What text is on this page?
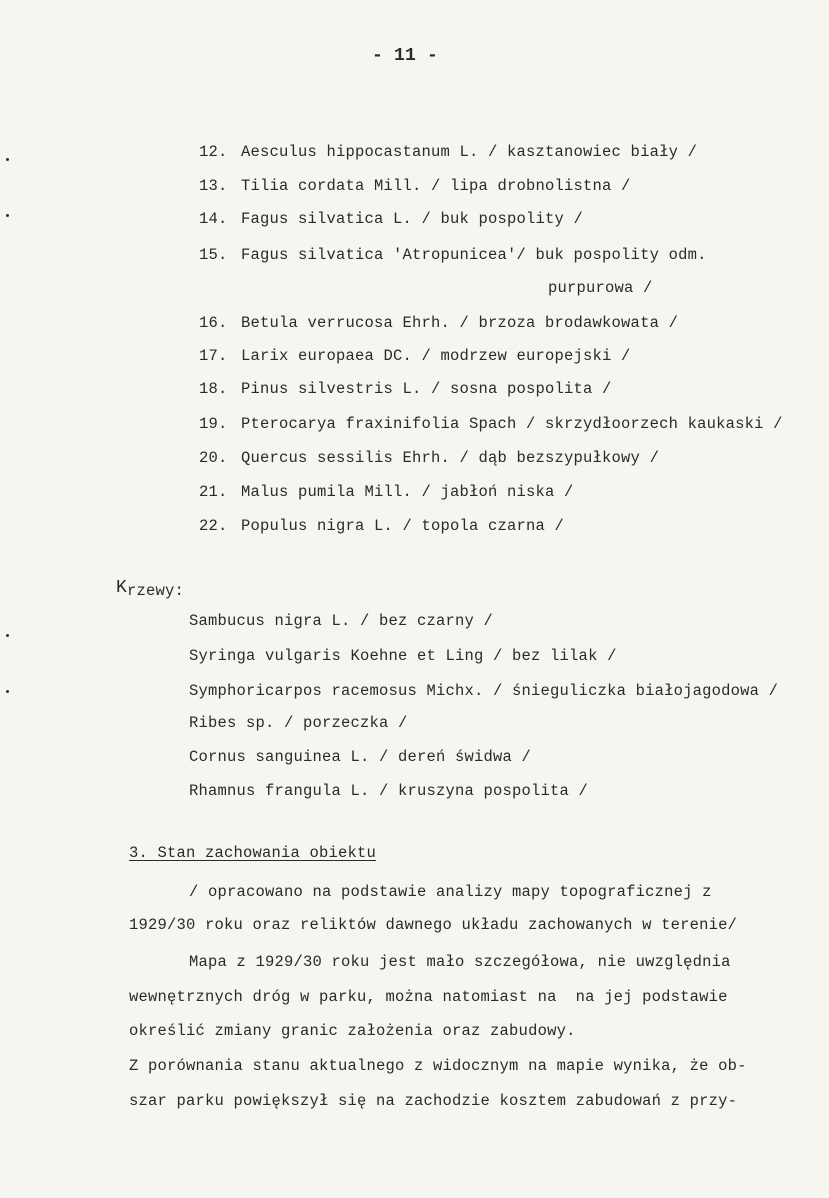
- 11 -
12. Aesculus hippocastanum L. / kasztanowiec biały /
13. Tilia cordata Mill. / lipa drobnolistna /
14. Fagus silvatica L. / buk pospolity /
15. Fagus silvatica 'Atropunicea'/ buk pospolity odm.
purpurowa /
16. Betula verrucosa Ehrh. / brzoza brodawkowata /
17. Larix europaea DC. / modrzew europejski /
18. Pinus silvestris L. / sosna pospolita /
19. Pterocarya fraxinifolia Spach / skrzydłoorzech kaukaski /
20. Quercus sessilis Ehrh. / dąb bezszypułkowy /
21. Malus pumila Mill. / jabłoń niska /
22. Populus nigra L. / topola czarna /
Krzewy:
Sambucus nigra L. / bez czarny /
Syringa vulgaris Koehne et Ling / bez lilak /
Symphoricarpos racemosus Michx. / śnieguliczka białojagodowa /
Ribes sp. / porzeczka /
Cornus sanguinea L. / dereń świdwa /
Rhamnus frangula L. / kruszyna pospolita /
3. Stan zachowania obiektu
/ opracowano na podstawie analizy mapy topograficznej z
1929/30 roku oraz reliktów dawnego układu zachowanych w terenie/
Mapa z 1929/30 roku jest mało szczegółowa, nie uwzględnia
wewnętrznych dróg w parku, można natomiast na  na jej podstawie
określić zmiany granic założenia oraz zabudowy.
Z porównania stanu aktualnego z widocznym na mapie wynika, że ob-
szar parku powiększył się na zachodzie kosztem zabudowań z przy-
